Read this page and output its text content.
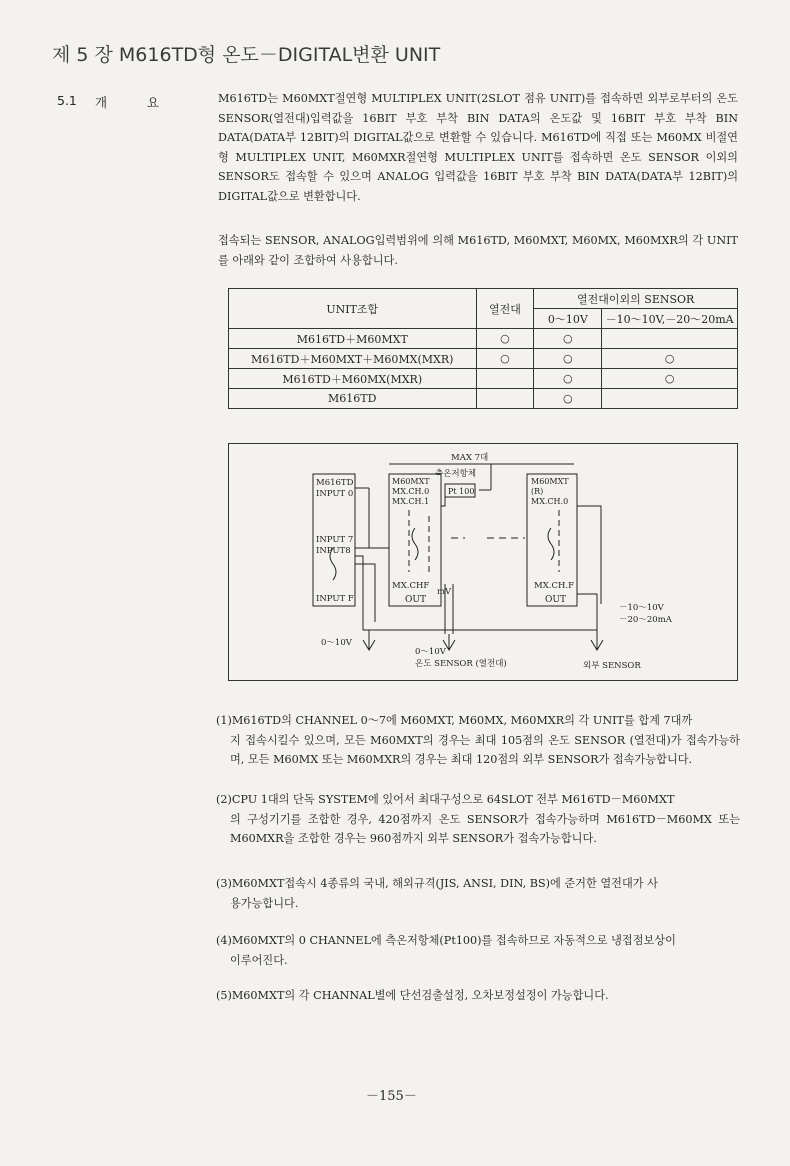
제 5 장 M616TD형 온도－DIGITAL변환 UNIT
5.1 개 요	M616TD는 M60MXT절연형 MULTIPLEX UNIT(2SLOT 점유 UNIT)를 접속하면 외부로부터의 온도SENSOR(열전대)입력값을 16BIT 부호 부착 BIN DATA의 온도값 및 16BIT 부호 부착 BIN DATA(DATA부 12BIT)의 DIGITAL값으로 변환할 수 있습니다. M616TD에 직접 또는 M60MX 비절연형 MULTIPLEX UNIT, M60MXR절연형 MULTIPLEX UNIT를 접속하면 온도 SENSOR 이외의 SENSOR도 접속할 수 있으며 ANALOG 입력값을 16BIT 부호 부착 BIN DATA(DATA부 12BIT)의 DIGITAL값으로 변환합니다.

접속되는 SENSOR, ANALOG입력범위에 의해 M616TD, M60MXT, M60MX, M60MXR의 각 UNIT를 아래와 같이 조합하여 사용합니다.

UNIT조합	열전대	열전대이외의 SENSOR	
		0～10V	－10～10V,－20～20mA
M616TD＋M60MXT	○	○	
M616TD＋M60MXT＋M60MX(MXR)	○	○	○
M616TD＋M60MX(MXR)		○	○
M616TD		○	
MAX 7대
측온저항체
Pt 100
M616TD
INPUT 0
INPUT 7
INPUT8
INPUT F
M60MXT
MX.CH.0
MX.CH.1
MX.CHF
OUT
mV
M60MXT
(R)
MX.CH.0
MX.CH.F
OUT
0～10V
0～10V
－10～10V
－20～20mA
온도 SENSOR (열전대)	외부 SENSOR

(1)M616TD의 CHANNEL 0～7에 M60MXT, M60MX, M60MXR의 각 UNIT를 합계 7대까
지 접속시킬수 있으며, 모든 M60MXT의 경우는 최대 105점의 온도 SENSOR (열전대)가 접속가능하며, 모든 M60MX 또는 M60MXR의 경우는 최대 120점의 외부 SENSOR가 접속가능합니다.

(2)CPU 1대의 단독 SYSTEM에 있어서 최대구성으로 64SLOT 전부 M616TD－M60MXT
의 구성기기를 조합한 경우, 420점까지 온도 SENSOR가 접속가능하며 M616TD－M60MX 또는 M60MXR을 조합한 경우는 960점까지 외부 SENSOR가 접속가능합니다.

(3)M60MXT접속시 4종류의 국내, 해외규격(JIS, ANSI, DIN, BS)에 준거한 열전대가 사
용가능합니다.

(4)M60MXT의 0 CHANNEL에 측온저항체(Pt100)를 접속하므로 자동적으로 냉접점보상이
이루어진다.

(5)M60MXT의 각 CHANNAL별에 단선검출설정, 오차보정설정이 가능합니다.

－155－
